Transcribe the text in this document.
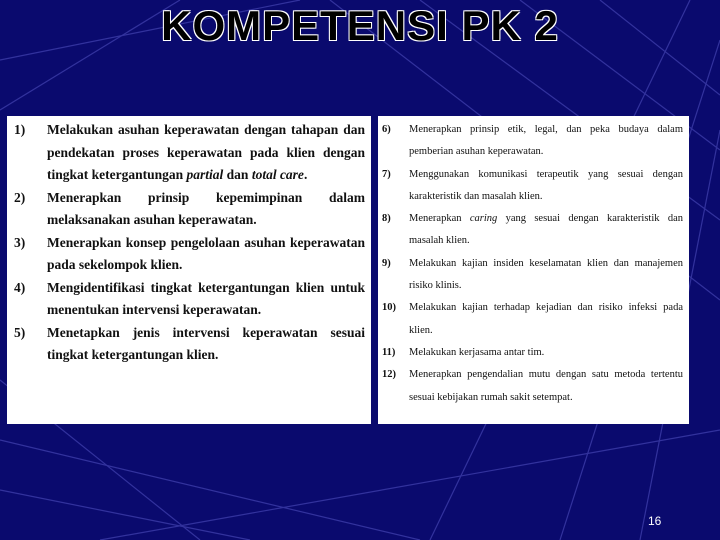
KOMPETENSI PK 2
1)	Melakukan asuhan keperawatan dengan tahapan dan pendekatan proses keperawatan pada klien dengan tingkat ketergantungan partial dan total care.
2)	Menerapkan prinsip kepemimpinan dalam melaksanakan asuhan keperawatan.
3)	Menerapkan konsep pengelolaan asuhan keperawatan pada sekelompok klien.
4)	Mengidentifikasi tingkat ketergantungan klien untuk menentukan intervensi keperawatan.
5)	Menetapkan jenis intervensi keperawatan sesuai tingkat ketergantungan klien.
6)	Menerapkan prinsip etik, legal, dan peka budaya dalam pemberian asuhan keperawatan.
7)	Menggunakan komunikasi terapeutik yang sesuai dengan karakteristik dan masalah klien.
8)	Menerapkan caring yang sesuai dengan karakteristik dan masalah klien.
9)	Melakukan kajian insiden keselamatan klien dan manajemen risiko klinis.
10)	Melakukan kajian terhadap kejadian dan risiko infeksi pada klien.
11)	Melakukan kerjasama antar tim.
12)	Menerapkan pengendalian mutu dengan satu metoda tertentu sesuai kebijakan rumah sakit setempat.
16
